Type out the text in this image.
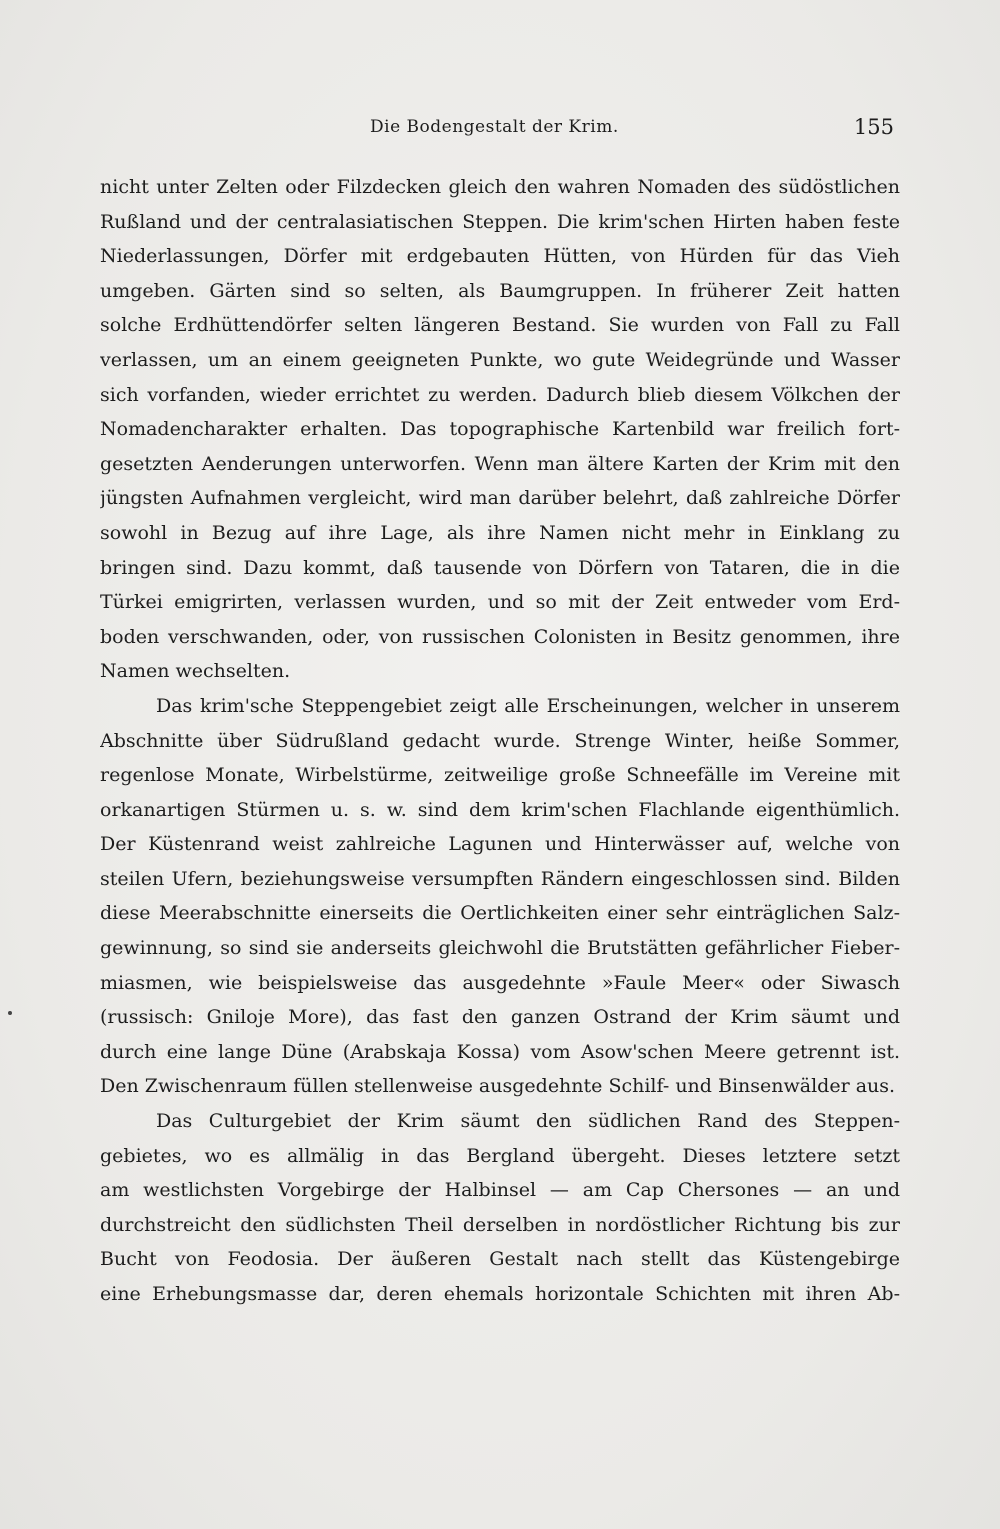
Die Bodengestalt der Krim.	155
nicht unter Zelten oder Filzdecken gleich den wahren Nomaden des südöstlichen
Rußland und der centralasiatischen Steppen. Die krim'schen Hirten haben feste
Niederlassungen, Dörfer mit erdgebauten Hütten, von Hürden für das Vieh
umgeben. Gärten sind so selten, als Baumgruppen. In früherer Zeit hatten
solche Erdhüttendörfer selten längeren Bestand. Sie wurden von Fall zu Fall
verlassen, um an einem geeigneten Punkte, wo gute Weidegründe und Wasser
sich vorfanden, wieder errichtet zu werden. Dadurch blieb diesem Völkchen der
Nomadencharakter erhalten. Das topographische Kartenbild war freilich fort-
gesetzten Aenderungen unterworfen. Wenn man ältere Karten der Krim mit den
jüngsten Aufnahmen vergleicht, wird man darüber belehrt, daß zahlreiche Dörfer
sowohl in Bezug auf ihre Lage, als ihre Namen nicht mehr in Einklang zu
bringen sind. Dazu kommt, daß tausende von Dörfern von Tataren, die in die
Türkei emigrirten, verlassen wurden, und so mit der Zeit entweder vom Erd-
boden verschwanden, oder, von russischen Colonisten in Besitz genommen, ihre
Namen wechselten.
Das krim'sche Steppengebiet zeigt alle Erscheinungen, welcher in unserem
Abschnitte über Südrußland gedacht wurde. Strenge Winter, heiße Sommer,
regenlose Monate, Wirbelstürme, zeitweilige große Schneefälle im Vereine mit
orkanartigen Stürmen u. s. w. sind dem krim'schen Flachlande eigenthümlich.
Der Küstenrand weist zahlreiche Lagunen und Hinterwässer auf, welche von
steilen Ufern, beziehungsweise versumpften Rändern eingeschlossen sind. Bilden
diese Meerabschnitte einerseits die Oertlichkeiten einer sehr einträglichen Salz-
gewinnung, so sind sie anderseits gleichwohl die Brutstätten gefährlicher Fieber-
miasmen, wie beispielsweise das ausgedehnte »Faule Meer« oder Siwasch
(russisch: Gniloje More), das fast den ganzen Ostrand der Krim säumt und
durch eine lange Düne (Arabskaja Kossa) vom Asow'schen Meere getrennt ist.
Den Zwischenraum füllen stellenweise ausgedehnte Schilf- und Binsenwälder aus.
Das Culturgebiet der Krim säumt den südlichen Rand des Steppen-
gebietes, wo es allmälig in das Bergland übergeht. Dieses letztere setzt
am westlichsten Vorgebirge der Halbinsel — am Cap Chersones — an und
durchstreicht den südlichsten Theil derselben in nordöstlicher Richtung bis zur
Bucht von Feodosia. Der äußeren Gestalt nach stellt das Küstengebirge
eine Erhebungsmasse dar, deren ehemals horizontale Schichten mit ihren Ab-
